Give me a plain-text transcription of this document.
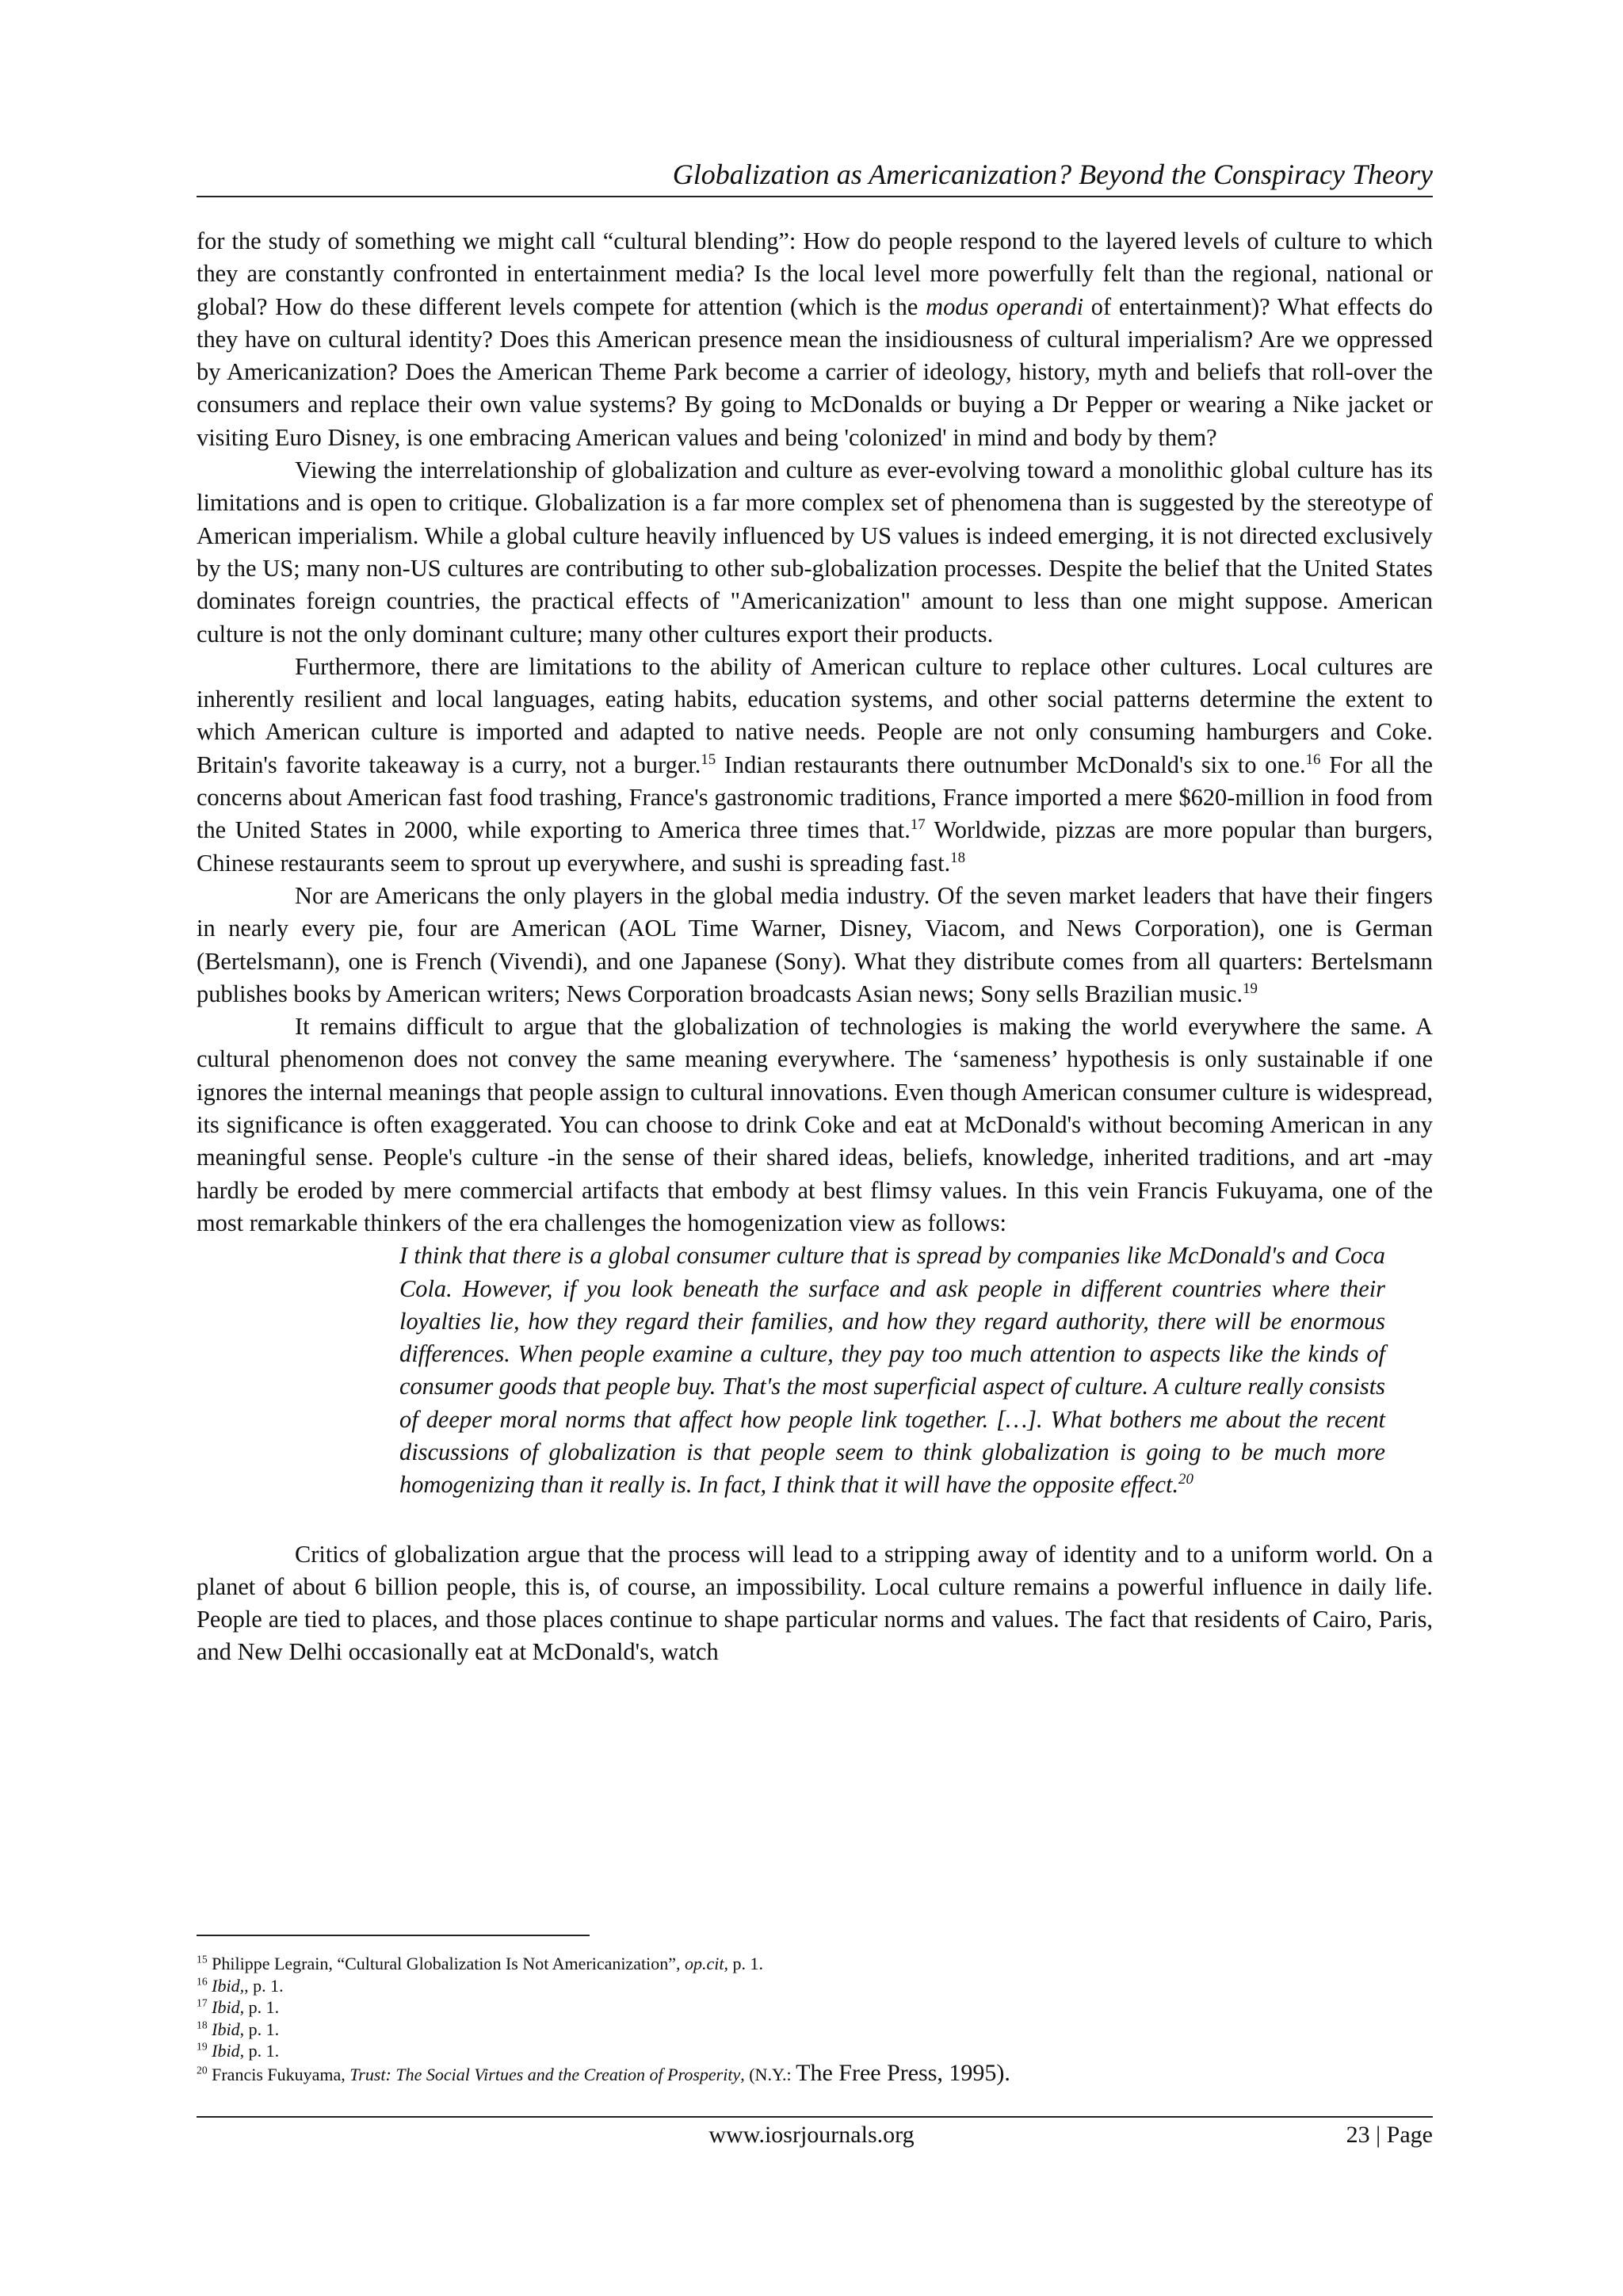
Globalization as Americanization? Beyond the Conspiracy Theory

for the study of something we might call “cultural blending”: How do people respond to the layered levels of culture to which they are constantly confronted in entertainment media? Is the local level more powerfully felt than the regional, national or global? How do these different levels compete for attention (which is the modus operandi of entertainment)? What effects do they have on cultural identity? Does this American presence mean the insidiousness of cultural imperialism? Are we oppressed by Americanization? Does the American Theme Park become a carrier of ideology, history, myth and beliefs that roll-over the consumers and replace their own value systems? By going to McDonalds or buying a Dr Pepper or wearing a Nike jacket or visiting Euro Disney, is one embracing American values and being 'colonized' in mind and body by them?

Viewing the interrelationship of globalization and culture as ever-evolving toward a monolithic global culture has its limitations and is open to critique. Globalization is a far more complex set of phenomena than is suggested by the stereotype of American imperialism. While a global culture heavily influenced by US values is indeed emerging, it is not directed exclusively by the US; many non-US cultures are contributing to other sub-globalization processes. Despite the belief that the United States dominates foreign countries, the practical effects of "Americanization" amount to less than one might suppose. American culture is not the only dominant culture; many other cultures export their products.

Furthermore, there are limitations to the ability of American culture to replace other cultures. Local cultures are inherently resilient and local languages, eating habits, education systems, and other social patterns determine the extent to which American culture is imported and adapted to native needs. People are not only consuming hamburgers and Coke. Britain's favorite takeaway is a curry, not a burger.$^{15}$ Indian restaurants there outnumber McDonald's six to one.$^{16}$ For all the concerns about American fast food trashing, France's gastronomic traditions, France imported a mere $620-million in food from the United States in 2000, while exporting to America three times that.$^{17}$ Worldwide, pizzas are more popular than burgers, Chinese restaurants seem to sprout up everywhere, and sushi is spreading fast.$^{18}$

Nor are Americans the only players in the global media industry. Of the seven market leaders that have their fingers in nearly every pie, four are American (AOL Time Warner, Disney, Viacom, and News Corporation), one is German (Bertelsmann), one is French (Vivendi), and one Japanese (Sony). What they distribute comes from all quarters: Bertelsmann publishes books by American writers; News Corporation broadcasts Asian news; Sony sells Brazilian music.$^{19}$

It remains difficult to argue that the globalization of technologies is making the world everywhere the same. A cultural phenomenon does not convey the same meaning everywhere. The ‘sameness’ hypothesis is only sustainable if one ignores the internal meanings that people assign to cultural innovations. Even though American consumer culture is widespread, its significance is often exaggerated. You can choose to drink Coke and eat at McDonald's without becoming American in any meaningful sense. People's culture -in the sense of their shared ideas, beliefs, knowledge, inherited traditions, and art -may hardly be eroded by mere commercial artifacts that embody at best flimsy values. In this vein Francis Fukuyama, one of the most remarkable thinkers of the era challenges the homogenization view as follows:

I think that there is a global consumer culture that is spread by companies like McDonald's and Coca Cola. However, if you look beneath the surface and ask people in different countries where their loyalties lie, how they regard their families, and how they regard authority, there will be enormous differences. When people examine a culture, they pay too much attention to aspects like the kinds of consumer goods that people buy. That's the most superficial aspect of culture. A culture really consists of deeper moral norms that affect how people link together. […]. What bothers me about the recent discussions of globalization is that people seem to think globalization is going to be much more homogenizing than it really is. In fact, I think that it will have the opposite effect.$^{20}$

Critics of globalization argue that the process will lead to a stripping away of identity and to a uniform world. On a planet of about 6 billion people, this is, of course, an impossibility. Local culture remains a powerful influence in daily life. People are tied to places, and those places continue to shape particular norms and values. The fact that residents of Cairo, Paris, and New Delhi occasionally eat at McDonald's, watch

$^{15}$ Philippe Legrain, “Cultural Globalization Is Not Americanization”, op.cit, p. 1.
$^{16}$ Ibid,, p. 1.
$^{17}$ Ibid, p. 1.
$^{18}$ Ibid, p. 1.
$^{19}$ Ibid, p. 1.
$^{20}$ Francis Fukuyama, Trust: The Social Virtues and the Creation of Prosperity, (N.Y.: The Free Press, 1995).
www.iosrjournals.org	23 | Page
